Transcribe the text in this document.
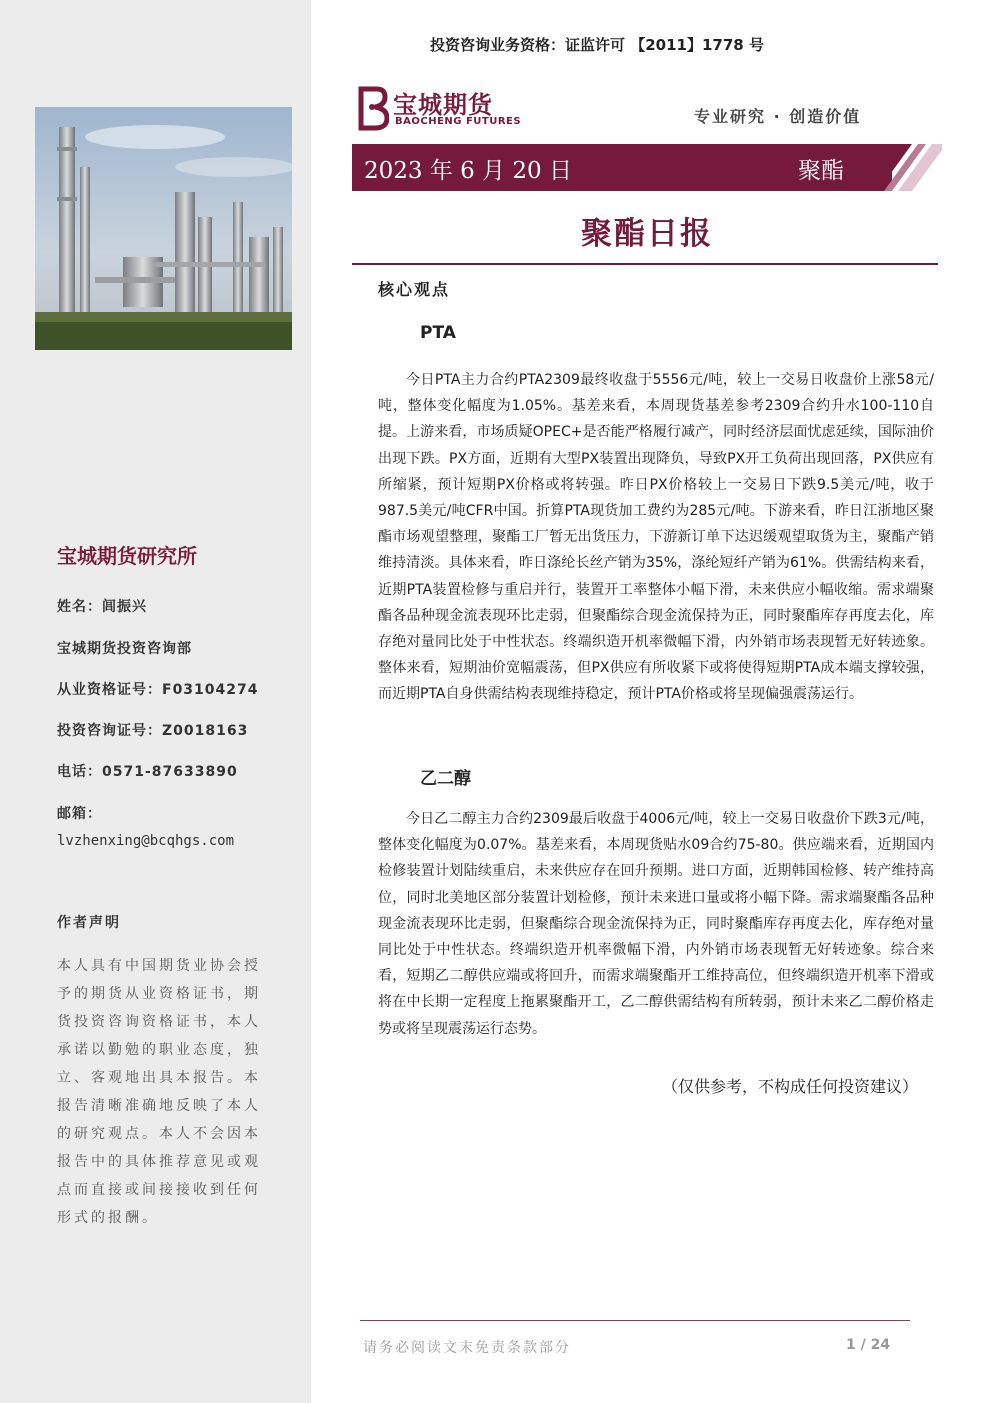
宝城期货研究所
姓名：闾振兴
宝城期货投资咨询部
从业资格证号：F03104274
投资咨询证号：Z0018163
电话：0571-87633890
邮箱：
lvzhenxing@bcqhgs.com
作者声明
本人具有中国期货业协会授予的期货从业资格证书，期货投资咨询资格证书，本人承诺以勤勉的职业态度，独立、客观地出具本报告。本报告清晰准确地反映了本人的研究观点。本人不会因本报告中的具体推荐意见或观点而直接或间接接收到任何形式的报酬。
投资咨询业务资格：证监许可 【2011】1778 号
宝城期货
BAOCHENG FUTURES	专业研究 · 创造价值
2023 年 6 月 20 日	聚酯
聚酯日报
核心观点
PTA
今日PTA主力合约PTA2309最终收盘于5556元/吨，较上一交易日收盘价上涨58元/吨，整体变化幅度为1.05%。基差来看，本周现货基差参考2309合约升水100-110自提。上游来看，市场质疑OPEC+是否能严格履行减产，同时经济层面忧虑延续，国际油价出现下跌。PX方面，近期有大型PX装置出现降负，导致PX开工负荷出现回落，PX供应有所缩紧，预计短期PX价格或将转强。昨日PX价格较上一交易日下跌9.5美元/吨，收于987.5美元/吨CFR中国。折算PTA现货加工费约为285元/吨。下游来看，昨日江浙地区聚酯市场观望整理，聚酯工厂暂无出货压力，下游新订单下达迟缓观望取货为主，聚酯产销维持清淡。具体来看，昨日涤纶长丝产销为35%，涤纶短纤产销为61%。供需结构来看，近期PTA装置检修与重启并行，装置开工率整体小幅下滑，未来供应小幅收缩。需求端聚酯各品种现金流表现环比走弱，但聚酯综合现金流保持为正，同时聚酯库存再度去化，库存绝对量同比处于中性状态。终端织造开机率微幅下滑，内外销市场表现暂无好转迹象。整体来看，短期油价宽幅震荡，但PX供应有所收紧下或将使得短期PTA成本端支撑较强，而近期PTA自身供需结构表现维持稳定，预计PTA价格或将呈现偏强震荡运行。
乙二醇
今日乙二醇主力合约2309最后收盘于4006元/吨，较上一交易日收盘价下跌3元/吨，整体变化幅度为0.07%。基差来看，本周现货贴水09合约75-80。供应端来看，近期国内检修装置计划陆续重启，未来供应存在回升预期。进口方面，近期韩国检修、转产维持高位，同时北美地区部分装置计划检修，预计未来进口量或将小幅下降。需求端聚酯各品种现金流表现环比走弱，但聚酯综合现金流保持为正，同时聚酯库存再度去化，库存绝对量同比处于中性状态。终端织造开机率微幅下滑，内外销市场表现暂无好转迹象。综合来看，短期乙二醇供应端或将回升，而需求端聚酯开工维持高位，但终端织造开机率下滑或将在中长期一定程度上拖累聚酯开工，乙二醇供需结构有所转弱，预计未来乙二醇价格走势或将呈现震荡运行态势。
（仅供参考，不构成任何投资建议）
请务必阅读文末免责条款部分	1 / 24
